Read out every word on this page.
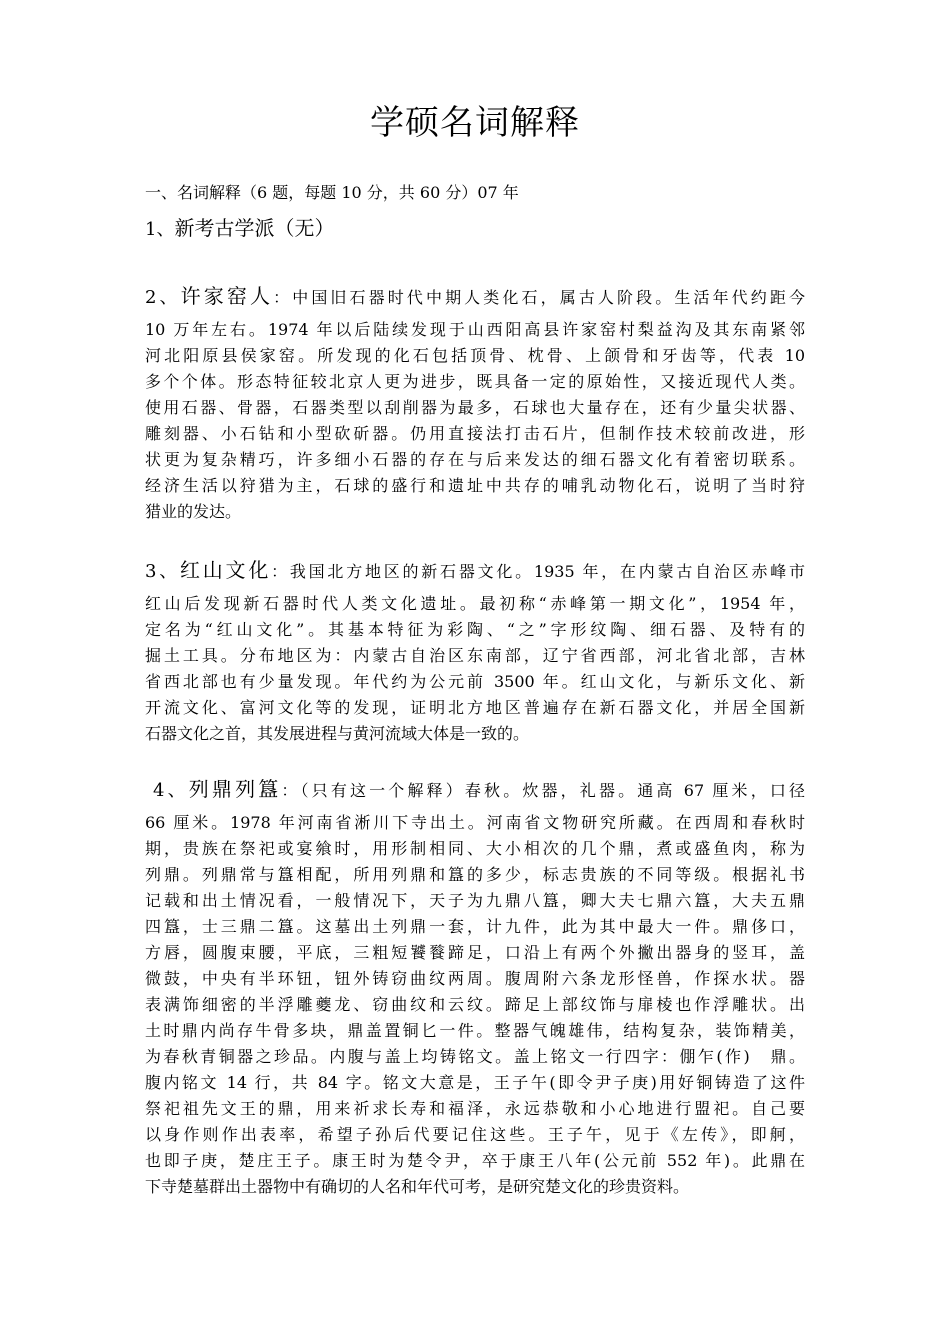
学硕名词解释
一、名词解释（6 题，每题 10 分，共 60 分）07 年
1、新考古学派（无）
2、许家窑人：中国旧石器时代中期人类化石，属古人阶段。生活年代约距今
10 万年左右。1974 年以后陆续发现于山西阳高县许家窑村梨益沟及其东南紧邻
河北阳原县侯家窑。所发现的化石包括顶骨、枕骨、上颌骨和牙齿等，代表 10
多个个体。形态特征较北京人更为进步，既具备一定的原始性，又接近现代人类。
使用石器、骨器，石器类型以刮削器为最多，石球也大量存在，还有少量尖状器、
雕刻器、小石钻和小型砍斫器。仍用直接法打击石片，但制作技术较前改进，形
状更为复杂精巧，许多细小石器的存在与后来发达的细石器文化有着密切联系。
经济生活以狩猎为主，石球的盛行和遗址中共存的哺乳动物化石，说明了当时狩
猎业的发达。
3、红山文化：我国北方地区的新石器文化。1935 年，在内蒙古自治区赤峰市
红山后发现新石器时代人类文化遗址。最初称“赤峰第一期文化”，1954 年，
定名为“红山文化”。其基本特征为彩陶、“之”字形纹陶、细石器、及特有的
掘土工具。分布地区为：内蒙古自治区东南部，辽宁省西部，河北省北部，吉林
省西北部也有少量发现。年代约为公元前 3500 年。红山文化，与新乐文化、新
开流文化、富河文化等的发现，证明北方地区普遍存在新石器文化，并居全国新
石器文化之首，其发展进程与黄河流域大体是一致的。
4、列鼎列簋：（只有这一个解释）春秋。炊器，礼器。通高 67 厘米，口径
66 厘米。1978 年河南省淅川下寺出土。河南省文物研究所藏。在西周和春秋时
期，贵族在祭祀或宴飨时，用形制相同、大小相次的几个鼎，煮或盛鱼肉，称为
列鼎。列鼎常与簋相配，所用列鼎和簋的多少，标志贵族的不同等级。根据礼书
记载和出土情况看，一般情况下，天子为九鼎八簋，卿大夫七鼎六簋，大夫五鼎
四簋，士三鼎二簋。这墓出土列鼎一套，计九件，此为其中最大一件。鼎侈口，
方唇，圆腹束腰，平底，三粗短饕餮蹄足，口沿上有两个外撇出器身的竖耳，盖
微鼓，中央有半环钮，钮外铸窃曲纹两周。腹周附六条龙形怪兽，作探水状。器
表满饰细密的半浮雕夔龙、窃曲纹和云纹。蹄足上部纹饰与扉棱也作浮雕状。出
土时鼎内尚存牛骨多块，鼎盖置铜匕一件。整器气魄雄伟，结构复杂，装饰精美，
为春秋青铜器之珍品。内腹与盖上均铸铭文。盖上铭文一行四字：倗乍(作)　鼎。
腹内铭文 14 行，共 84 字。铭文大意是，王子午(即令尹子庚)用好铜铸造了这件
祭祀祖先文王的鼎，用来祈求长寿和福泽，永远恭敬和小心地进行盟祀。自己要
以身作则作出表率，希望子孙后代要记住这些。王子午，见于《左传》，即舸，
也即子庚，楚庄王子。康王时为楚令尹，卒于康王八年(公元前 552 年)。此鼎在
下寺楚墓群出土器物中有确切的人名和年代可考，是研究楚文化的珍贵资料。
